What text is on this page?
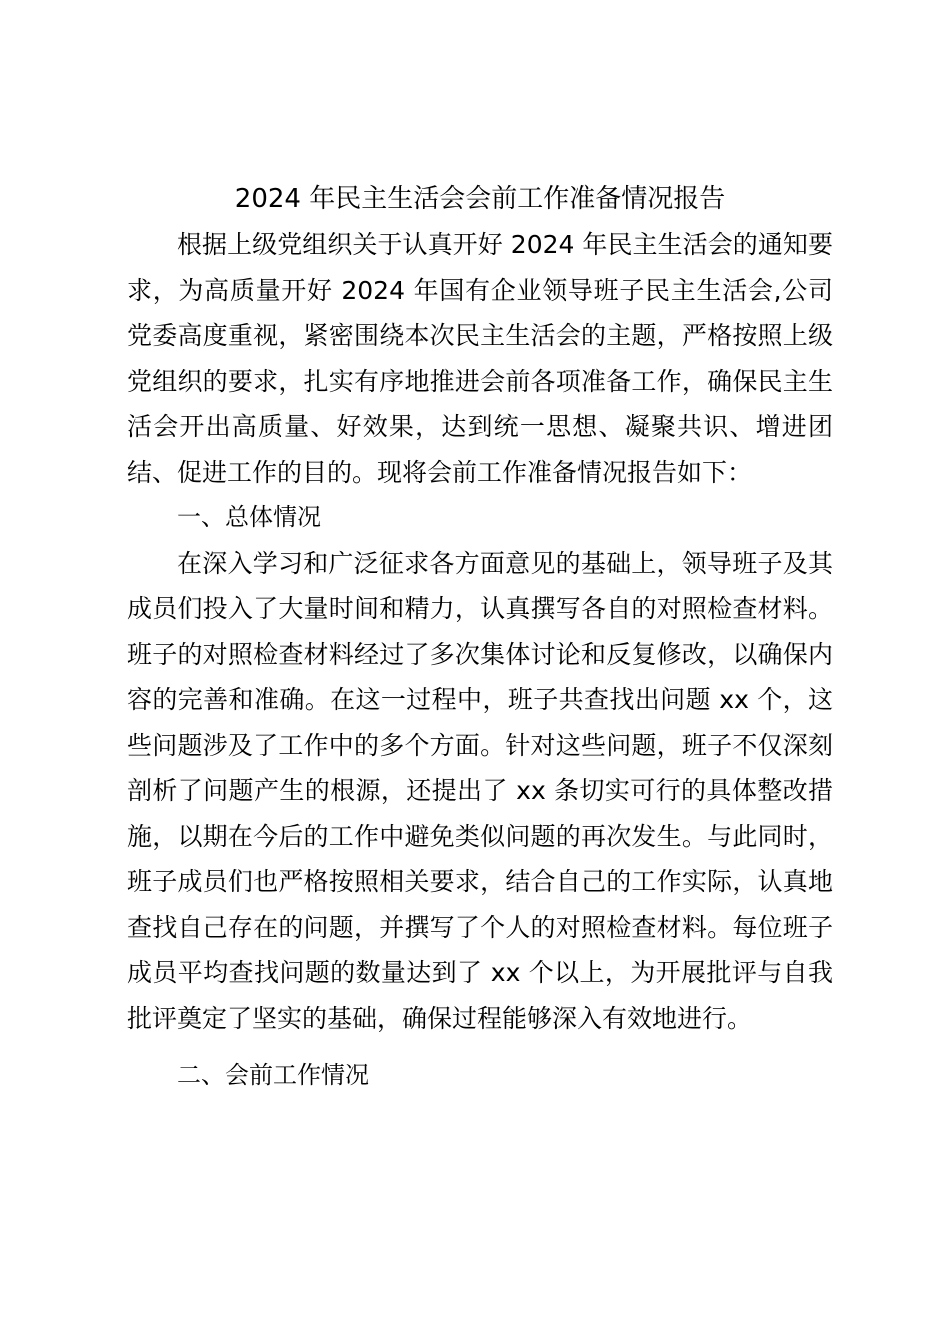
2024 年民主生活会会前工作准备情况报告

根据上级党组织关于认真开好 2024 年民主生活会的通知要求，为高质量开好 2024 年国有企业领导班子民主生活会,公司党委高度重视，紧密围绕本次民主生活会的主题，严格按照上级党组织的要求，扎实有序地推进会前各项准备工作，确保民主生活会开出高质量、好效果，达到统一思想、凝聚共识、增进团结、促进工作的目的。现将会前工作准备情况报告如下：

一、总体情况

在深入学习和广泛征求各方面意见的基础上，领导班子及其成员们投入了大量时间和精力，认真撰写各自的对照检查材料。班子的对照检查材料经过了多次集体讨论和反复修改，以确保内容的完善和准确。在这一过程中，班子共查找出问题 xx 个，这些问题涉及了工作中的多个方面。针对这些问题，班子不仅深刻剖析了问题产生的根源，还提出了 xx 条切实可行的具体整改措施，以期在今后的工作中避免类似问题的再次发生。与此同时，班子成员们也严格按照相关要求，结合自己的工作实际，认真地查找自己存在的问题，并撰写了个人的对照检查材料。每位班子成员平均查找问题的数量达到了 xx 个以上，为开展批评与自我批评奠定了坚实的基础，确保过程能够深入有效地进行。

二、会前工作情况
